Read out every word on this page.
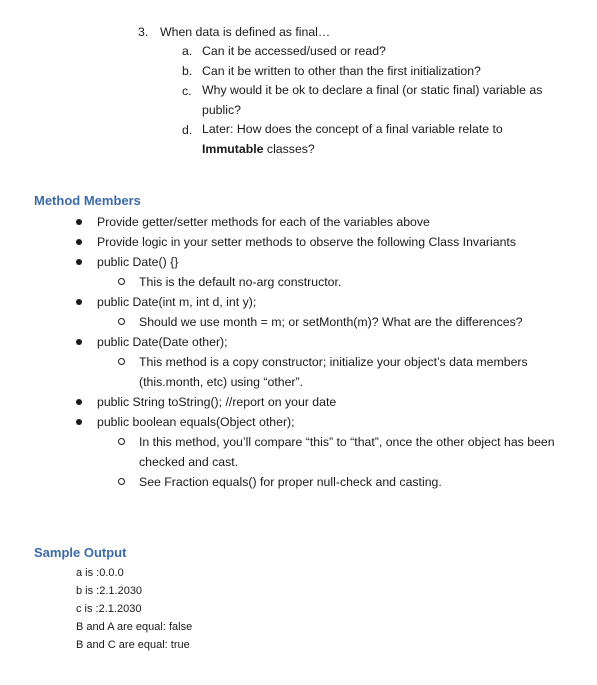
3. When data is defined as final…
a. Can it be accessed/used or read?
b. Can it be written to other than the first initialization?
c. Why would it be ok to declare a final (or static final) variable as public?
d. Later: How does the concept of a final variable relate to Immutable classes?
Method Members
Provide getter/setter methods for each of the variables above
Provide logic in your setter methods to observe the following Class Invariants
public Date() {}
This is the default no-arg constructor.
public Date(int m, int d, int y);
Should we use month = m; or setMonth(m)? What are the differences?
public Date(Date other);
This method is a copy constructor; initialize your object’s data members (this.month, etc) using “other”.
public String toString(); //report on your date
public boolean equals(Object other);
In this method, you’ll compare “this” to “that”, once the other object has been checked and cast.
See Fraction equals() for proper null-check and casting.
Sample Output
a is :0.0.0
b is :2.1.2030
c is :2.1.2030
B and A are equal: false
B and C are equal: true
